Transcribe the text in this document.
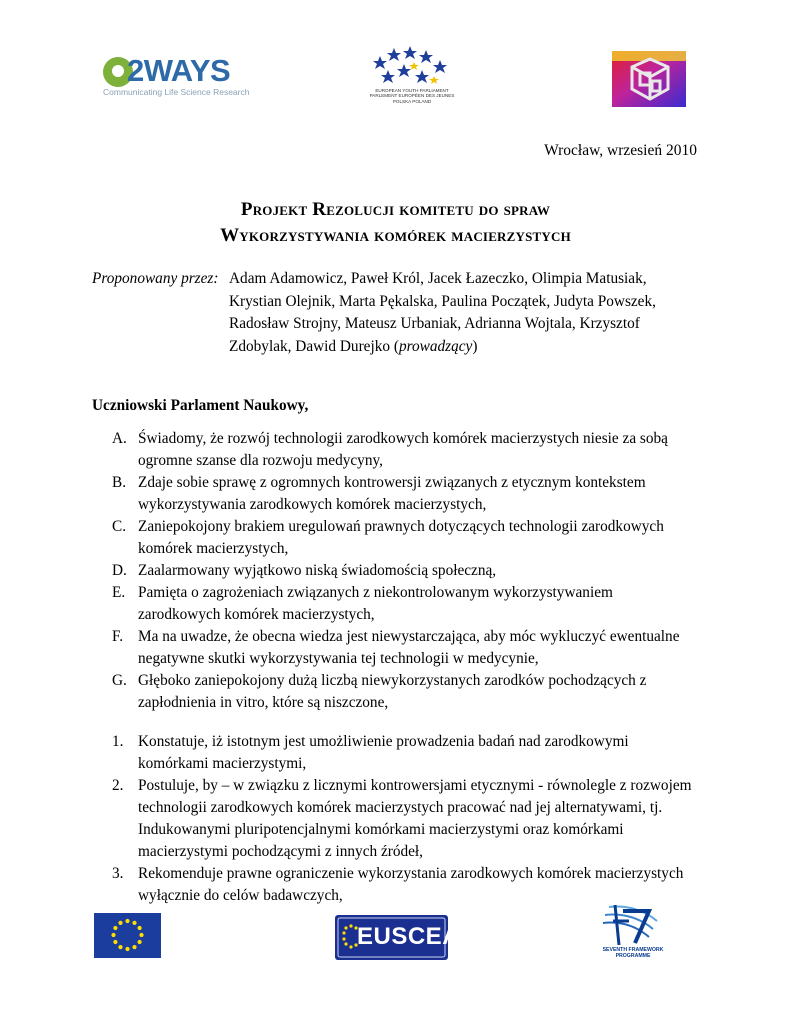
2WAYS
Communicating Life Science Research	EUROPEAN YOUTH PARLIAMENT
PARLEMENT EUROPÉEN DES JEUNES
POLSKA POLAND
Wrocław, wrzesień 2010
Projekt Rezolucji komitetu do spraw
Wykorzystywania komórek macierzystych
Proponowany przez: Adam Adamowicz, Paweł Król, Jacek Łazeczko, Olimpia Matusiak,
Krystian Olejnik, Marta Pękalska, Paulina Początek, Judyta Powszek,
Radosław Strojny, Mateusz Urbaniak, Adrianna Wojtala, Krzysztof
Zdobylak, Dawid Durejko (prowadzący)
Uczniowski Parlament Naukowy,
A. Świadomy, że rozwój technologii zarodkowych komórek macierzystych niesie za sobą
ogromne szanse dla rozwoju medycyny,
B. Zdaje sobie sprawę z ogromnych kontrowersji związanych z etycznym kontekstem
wykorzystywania zarodkowych komórek macierzystych,
C. Zaniepokojony brakiem uregulowań prawnych dotyczących technologii zarodkowych
komórek macierzystych,
D. Zaalarmowany wyjątkowo niską świadomością społeczną,
E. Pamięta o zagrożeniach związanych z niekontrolowanym wykorzystywaniem
zarodkowych komórek macierzystych,
F. Ma na uwadze, że obecna wiedza jest niewystarczająca, aby móc wykluczyć ewentualne
negatywne skutki wykorzystywania tej technologii w medycynie,
G. Głęboko zaniepokojony dużą liczbą niewykorzystanych zarodków pochodzących z
zapłodnienia in vitro, które są niszczone,
1. Konstatuje, iż istotnym jest umożliwienie prowadzenia badań nad zarodkowymi
komórkami macierzystymi,
2. Postuluje, by – w związku z licznymi kontrowersjami etycznymi - równolegle z rozwojem
technologii zarodkowych komórek macierzystych pracować nad jej alternatywami, tj.
Indukowanymi pluripotencjalnymi komórkami macierzystymi oraz komórkami
macierzystymi pochodzącymi z innych źródeł,
3. Rekomenduje prawne ograniczenie wykorzystania zarodkowych komórek macierzystych
wyłącznie do celów badawczych,
EUSCEA	SEVENTH FRAMEWORK
PROGRAMME
